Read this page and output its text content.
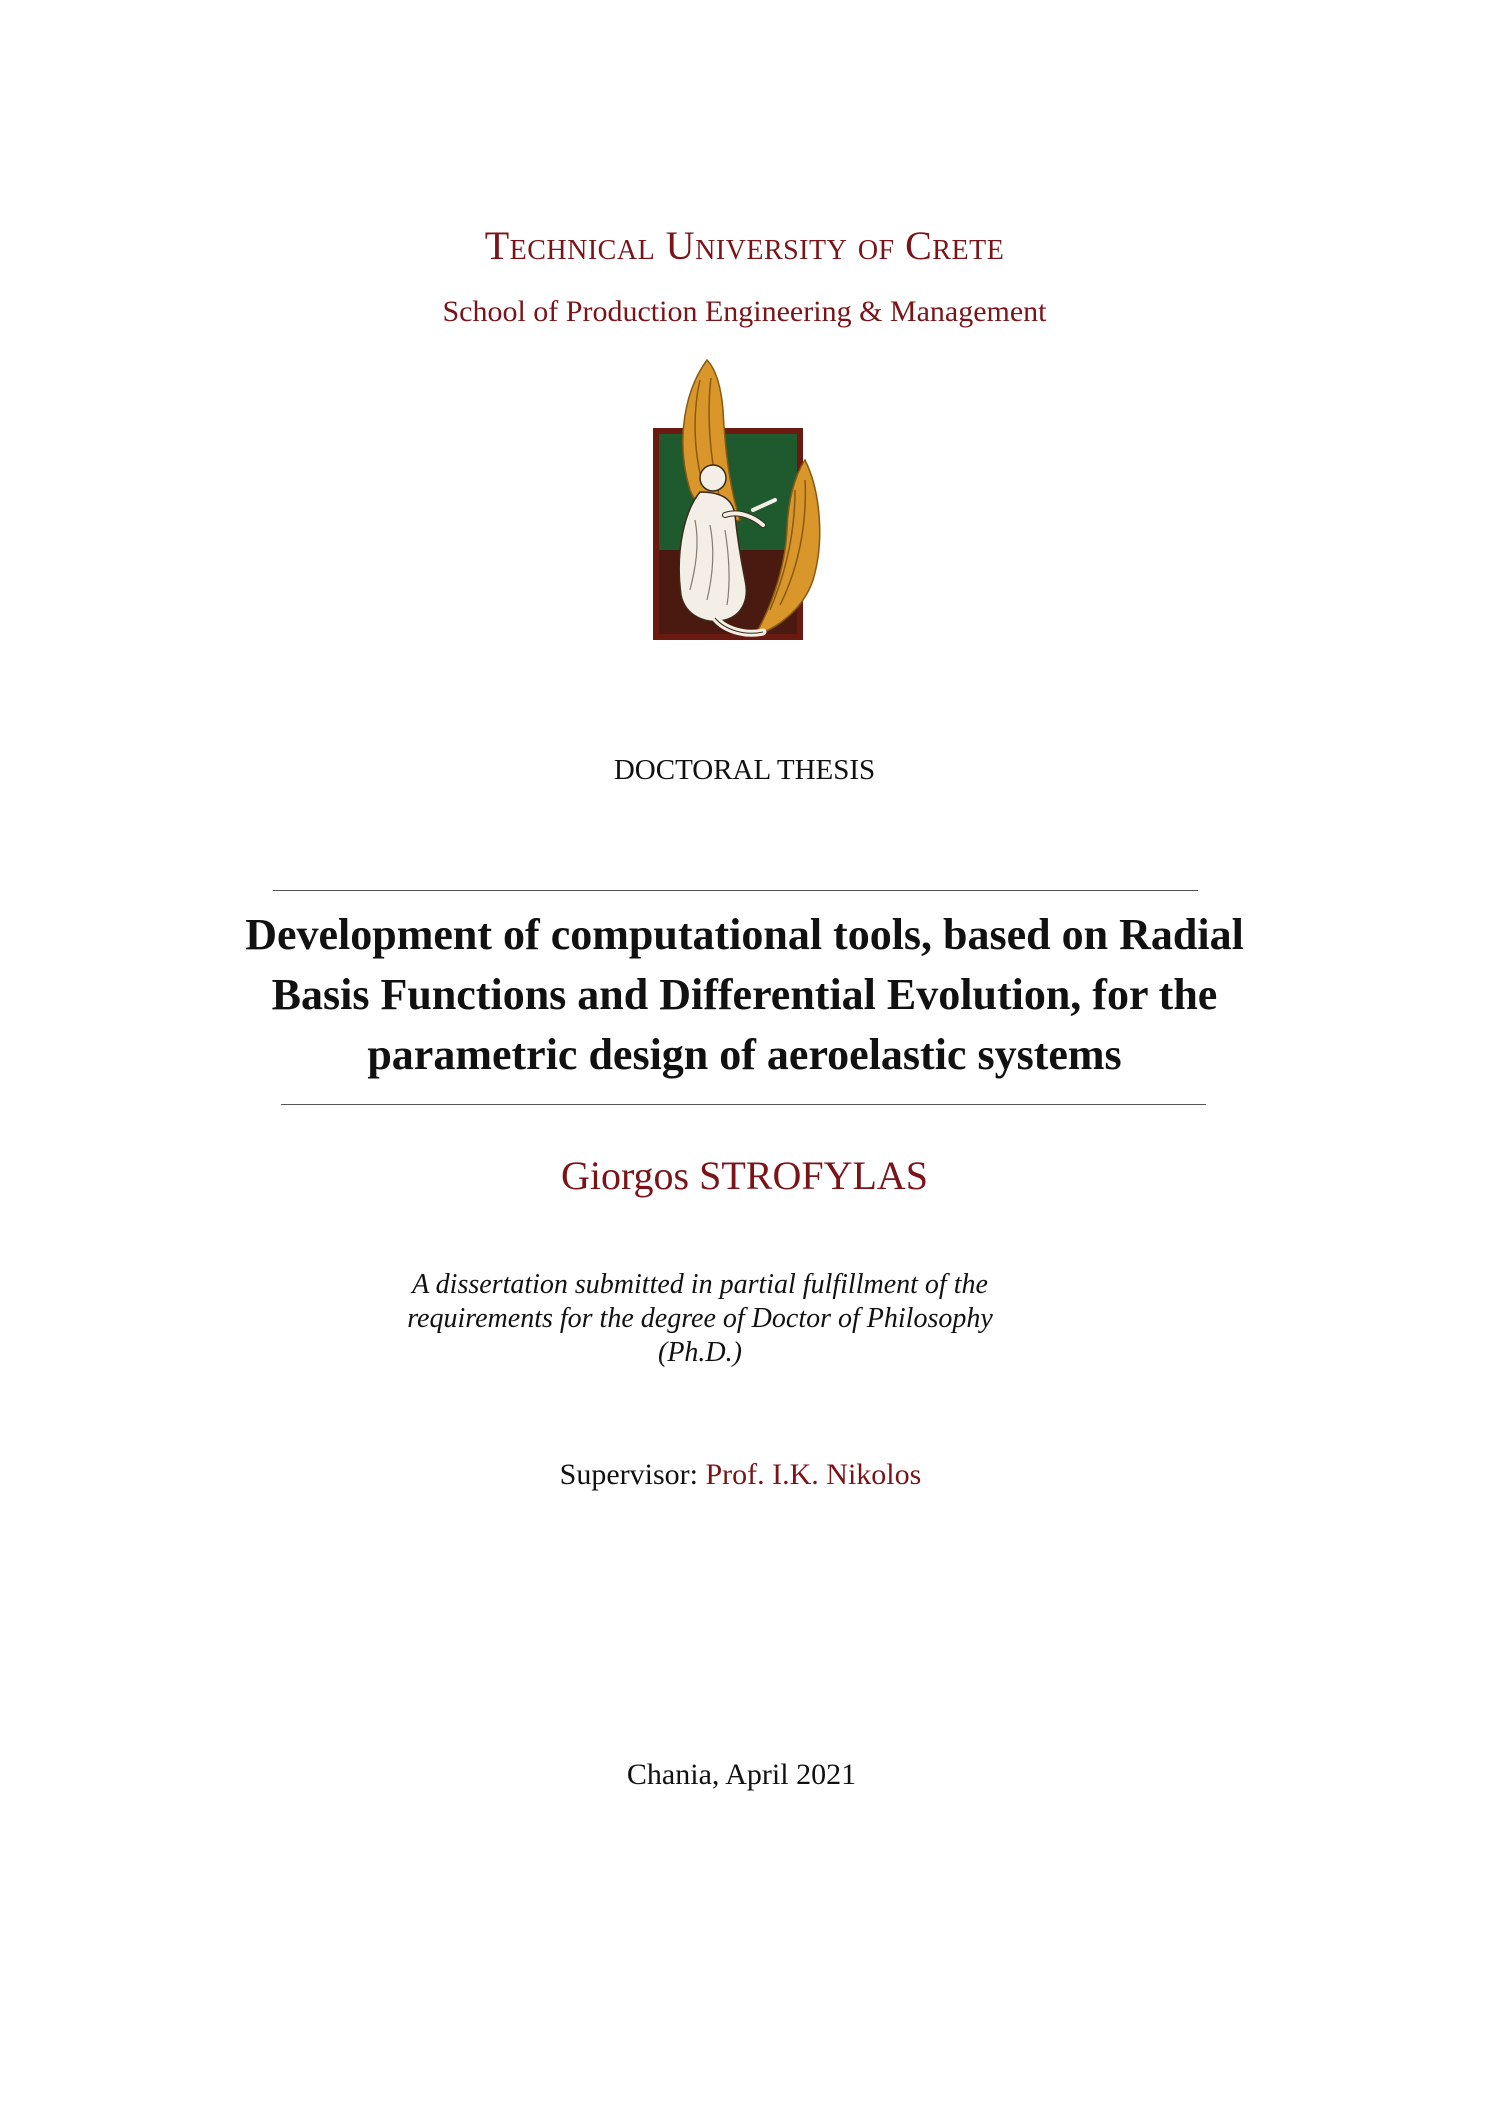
Technical University of Crete
School of Production Engineering & Management
DOCTORAL THESIS
Development of computational tools, based on Radial
Basis Functions and Differential Evolution, for the
parametric design of aeroelastic systems
Giorgos STROFYLAS
A dissertation submitted in partial fulfillment of the
requirements for the degree of Doctor of Philosophy
(Ph.D.)
Supervisor: Prof. I.K. Nikolos
Chania, April 2021
